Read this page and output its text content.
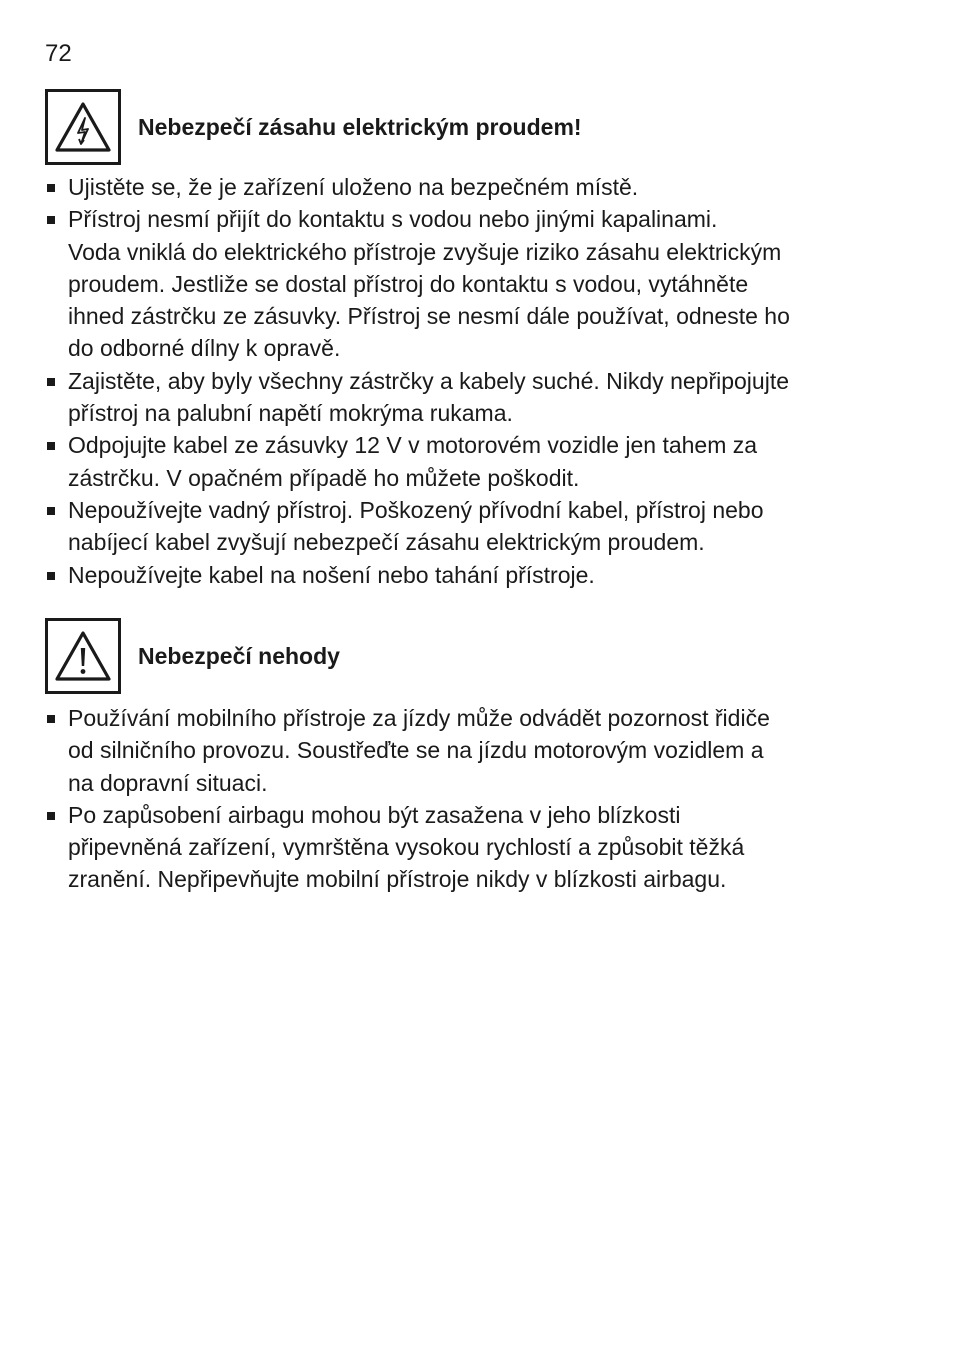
72
Nebezpečí zásahu elektrickým proudem!
Ujistěte se, že je zařízení uloženo na bezpečném místě.
Přístroj nesmí přijít do kontaktu s vodou nebo jinými kapalinami.
Voda vniklá do elektrického přístroje zvyšuje riziko zásahu elektrickým
proudem. Jestliže se dostal přístroj do kontaktu s vodou, vytáhněte
ihned zástrčku ze zásuvky. Přístroj se nesmí dále používat, odneste ho
do odborné dílny k opravě.
Zajistěte, aby byly všechny zástrčky a kabely suché. Nikdy nepřipojujte
přístroj na palubní napětí mokrýma rukama.
Odpojujte kabel ze zásuvky 12 V v motorovém vozidle jen tahem za
zástrčku. V opačném případě ho můžete poškodit.
Nepoužívejte vadný přístroj. Poškozený přívodní kabel, přístroj nebo
nabíjecí kabel zvyšují nebezpečí zásahu elektrickým proudem.
Nepoužívejte kabel na nošení nebo tahání přístroje.
Nebezpečí nehody
Používání mobilního přístroje za jízdy může odvádět pozornost řidiče
od silničního provozu. Soustřeďte se na jízdu motorovým vozidlem a
na dopravní situaci.
Po zapůsobení airbagu mohou být zasažena v jeho blízkosti
připevněná zařízení, vymrštěna vysokou rychlostí a způsobit těžká
zranění. Nepřipevňujte mobilní přístroje nikdy v blízkosti airbagu.
